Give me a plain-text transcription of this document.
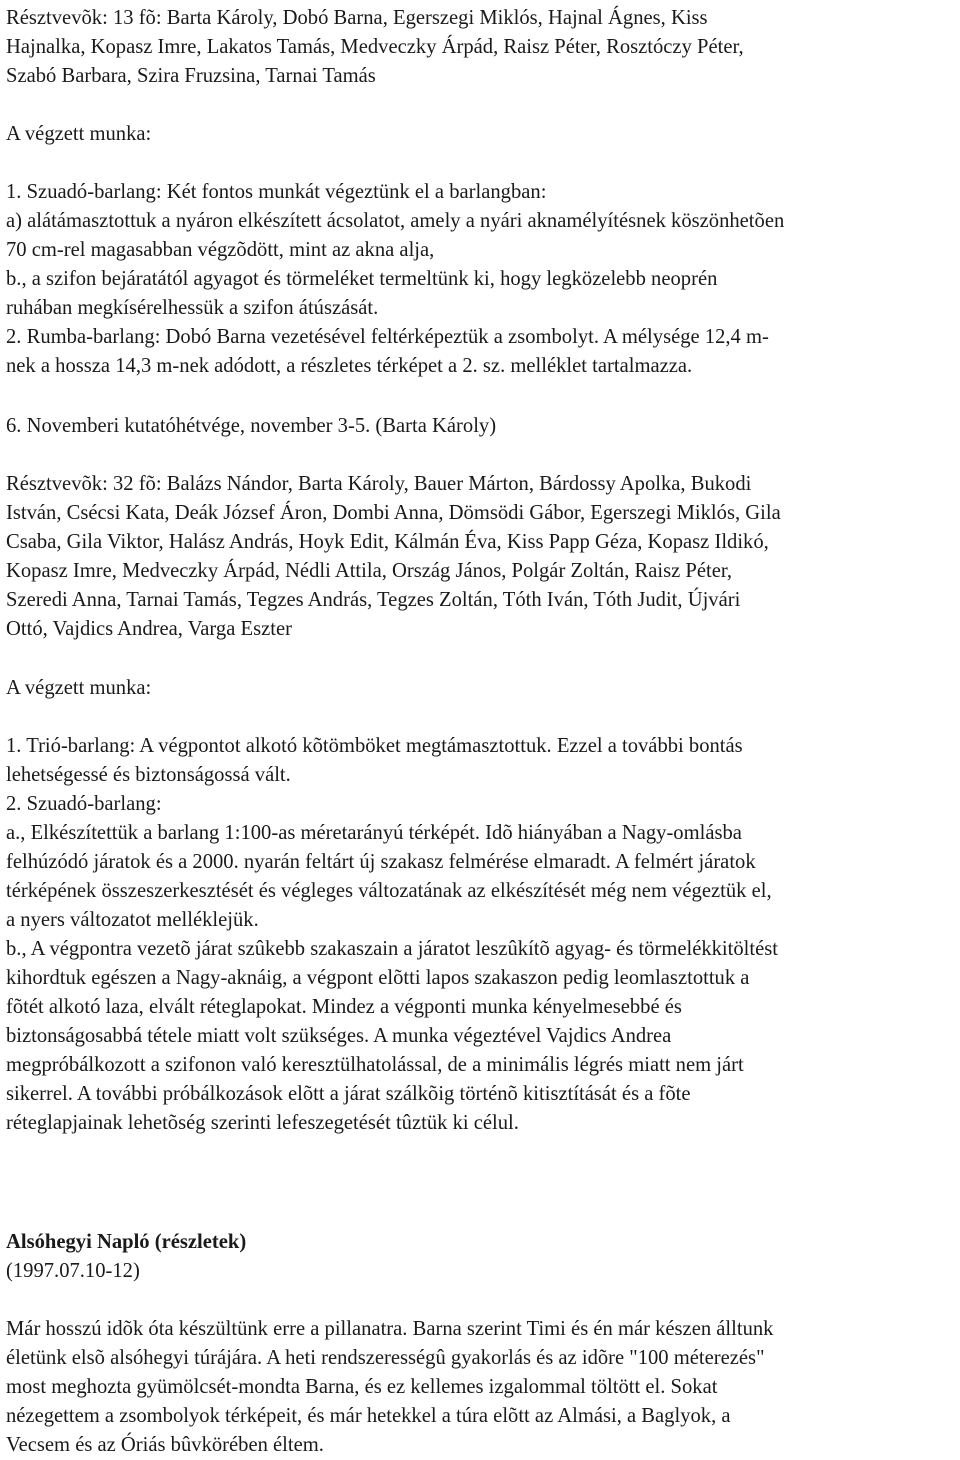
Résztvevõk: 13 fõ: Barta Károly, Dobó Barna, Egerszegi Miklós, Hajnal Ágnes, Kiss
Hajnalka, Kopasz Imre, Lakatos Tamás, Medveczky Árpád, Raisz Péter, Rosztóczy Péter,
Szabó Barbara, Szira Fruzsina, Tarnai Tamás
A végzett munka:
1. Szuadó-barlang: Két fontos munkát végeztünk el a barlangban:
a) alátámasztottuk a nyáron elkészített ácsolatot, amely a nyári aknamélyítésnek köszönhetõen
70 cm-rel magasabban végzõdött, mint az akna alja,
b., a szifon bejáratától agyagot és törmeléket termeltünk ki, hogy legközelebb neoprén
ruhában megkísérelhessük a szifon átúszását.
2. Rumba-barlang: Dobó Barna vezetésével feltérképeztük a zsombolyt. A mélysége 12,4 m-
nek a hossza 14,3 m-nek adódott, a részletes térképet a 2. sz. melléklet tartalmazza.
6. Novemberi kutatóhétvége, november 3-5. (Barta Károly)
Résztvevõk: 32 fõ: Balázs Nándor, Barta Károly, Bauer Márton, Bárdossy Apolka, Bukodi
István, Csécsi Kata, Deák József Áron, Dombi Anna, Dömsödi Gábor, Egerszegi Miklós, Gila
Csaba, Gila Viktor, Halász András, Hoyk Edit, Kálmán Éva, Kiss Papp Géza, Kopasz Ildikó,
Kopasz Imre, Medveczky Árpád, Nédli Attila, Ország János, Polgár Zoltán, Raisz Péter,
Szeredi Anna, Tarnai Tamás, Tegzes András, Tegzes Zoltán, Tóth Iván, Tóth Judit, Újvári
Ottó, Vajdics Andrea, Varga Eszter
A végzett munka:
1. Trió-barlang: A végpontot alkotó kõtömböket megtámasztottuk. Ezzel a további bontás
lehetségessé és biztonságossá vált.
2. Szuadó-barlang:
a., Elkészítettük a barlang 1:100-as méretarányú térképét. Idõ hiányában a Nagy-omlásba
felhúzódó járatok és a 2000. nyarán feltárt új szakasz felmérése elmaradt. A felmért járatok
térképének összeszerkesztését és végleges változatának az elkészítését még nem végeztük el,
a nyers változatot melléklejük.
b., A végpontra vezetõ járat szûkebb szakaszain a járatot leszûkítõ agyag- és törmelékkitöltést
kihordtuk egészen a Nagy-aknáig, a végpont elõtti lapos szakaszon pedig leomlasztottuk a
fõtét alkotó laza, elvált réteglapokat. Mindez a végponti munka kényelmesebbé és
biztonságosabbá tétele miatt volt szükséges. A munka végeztével Vajdics Andrea
megpróbálkozott a szifonon való keresztülhatolással, de a minimális légrés miatt nem járt
sikerrel. A további próbálkozások elõtt a járat szálkõig történõ kitisztítását és a fõte
réteglapjainak lehetõség szerinti lefeszegetését tûztük ki célul.
Alsóhegyi Napló (részletek)
(1997.07.10-12)
Már hosszú idõk óta készültünk erre a pillanatra. Barna szerint Timi és én már készen álltunk
életünk elsõ alsóhegyi túrájára. A heti rendszerességû gyakorlás és az idõre "100 méterezés"
most meghozta gyümölcsét-mondta Barna, és ez kellemes izgalommal töltött el. Sokat
nézegettem a zsombolyok térképeit, és már hetekkel a túra elõtt az Almási, a Baglyok, a
Vecsem és az Óriás bûvkörében éltem.
